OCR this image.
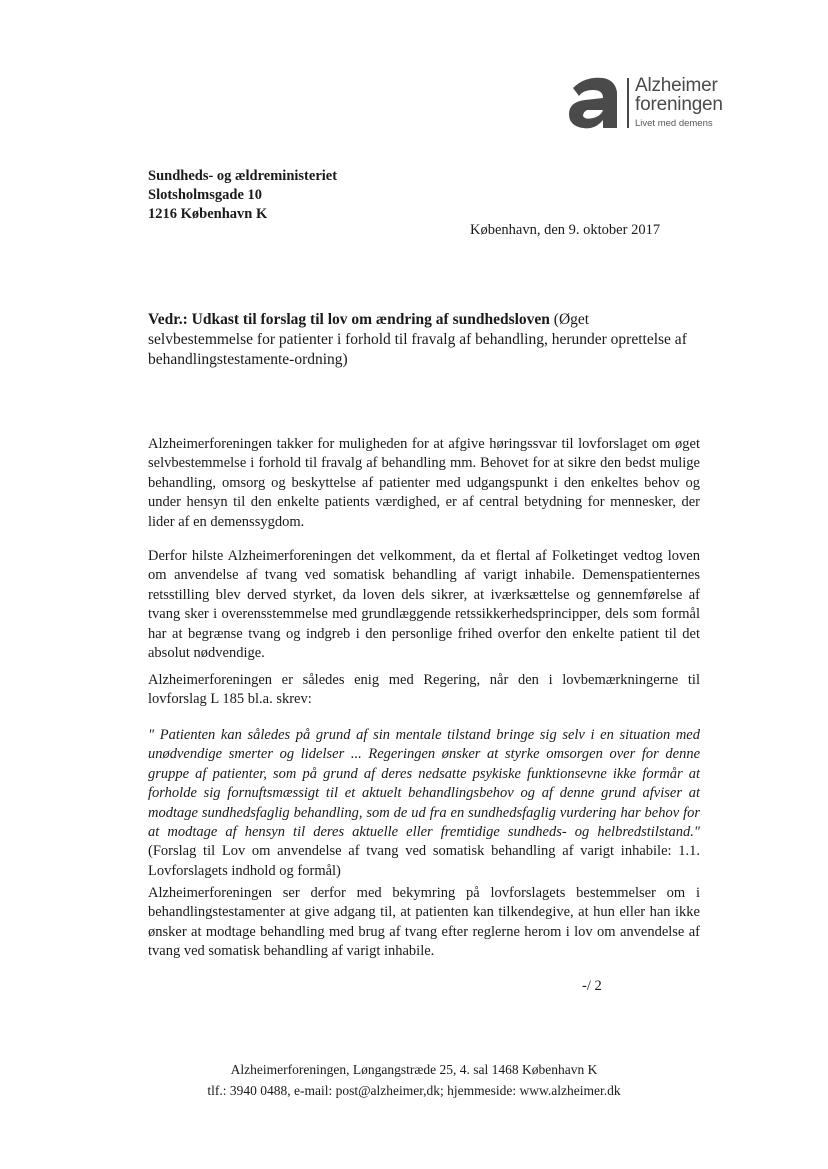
Alzheimer
foreningen
Livet med demens
Sundheds- og ældreministeriet
Slotsholmsgade 10
1216 København K
København, den 9. oktober 2017
Vedr.: Udkast til forslag til lov om ændring af sundhedsloven (Øget selvbestemmelse for patienter i forhold til fravalg af behandling, herunder oprettelse af behandlingstestamente-ordning)
Alzheimerforeningen takker for muligheden for at afgive høringssvar til lovforslaget om øget selvbestemmelse i forhold til fravalg af behandling mm. Behovet for at sikre den bedst mulige behandling, omsorg og beskyttelse af patienter med udgangspunkt i den enkeltes behov og under hensyn til den enkelte patients værdighed, er af central betydning for mennesker, der lider af en demenssygdom.
Derfor hilste Alzheimerforeningen det velkomment, da et flertal af Folketinget vedtog loven om anvendelse af tvang ved somatisk behandling af varigt inhabile. Demenspatienternes retsstilling blev derved styrket, da loven dels sikrer, at iværksættelse og gennemførelse af tvang sker i overensstemmelse med grundlæggende retssikkerhedsprincipper, dels som formål har at begrænse tvang og indgreb i den personlige frihed overfor den enkelte patient til det absolut nødvendige.
Alzheimerforeningen er således enig med Regering, når den i lovbemærkningerne til lovforslag L 185 bl.a. skrev:
" Patienten kan således på grund af sin mentale tilstand bringe sig selv i en situation med unødvendige smerter og lidelser ... Regeringen ønsker at styrke omsorgen over for denne gruppe af patienter, som på grund af deres nedsatte psykiske funktionsevne ikke formår at forholde sig fornuftsmæssigt til et aktuelt behandlingsbehov og af denne grund afviser at modtage sundhedsfaglig behandling, som de ud fra en sundhedsfaglig vurdering har behov for at modtage af hensyn til deres aktuelle eller fremtidige sundheds- og helbredstilstand." (Forslag til Lov om anvendelse af tvang ved somatisk behandling af varigt inhabile: 1.1. Lovforslagets indhold og formål)
Alzheimerforeningen ser derfor med bekymring på lovforslagets bestemmelser om i behandlingstestamenter at give adgang til, at patienten kan tilkendegive, at hun eller han ikke ønsker at modtage behandling med brug af tvang efter reglerne herom i lov om anvendelse af tvang ved somatisk behandling af varigt inhabile.
-/ 2
Alzheimerforeningen, Løngangstræde 25, 4. sal 1468 København K
tlf.: 3940 0488, e-mail: post@alzheimer,dk; hjemmeside: www.alzheimer.dk
